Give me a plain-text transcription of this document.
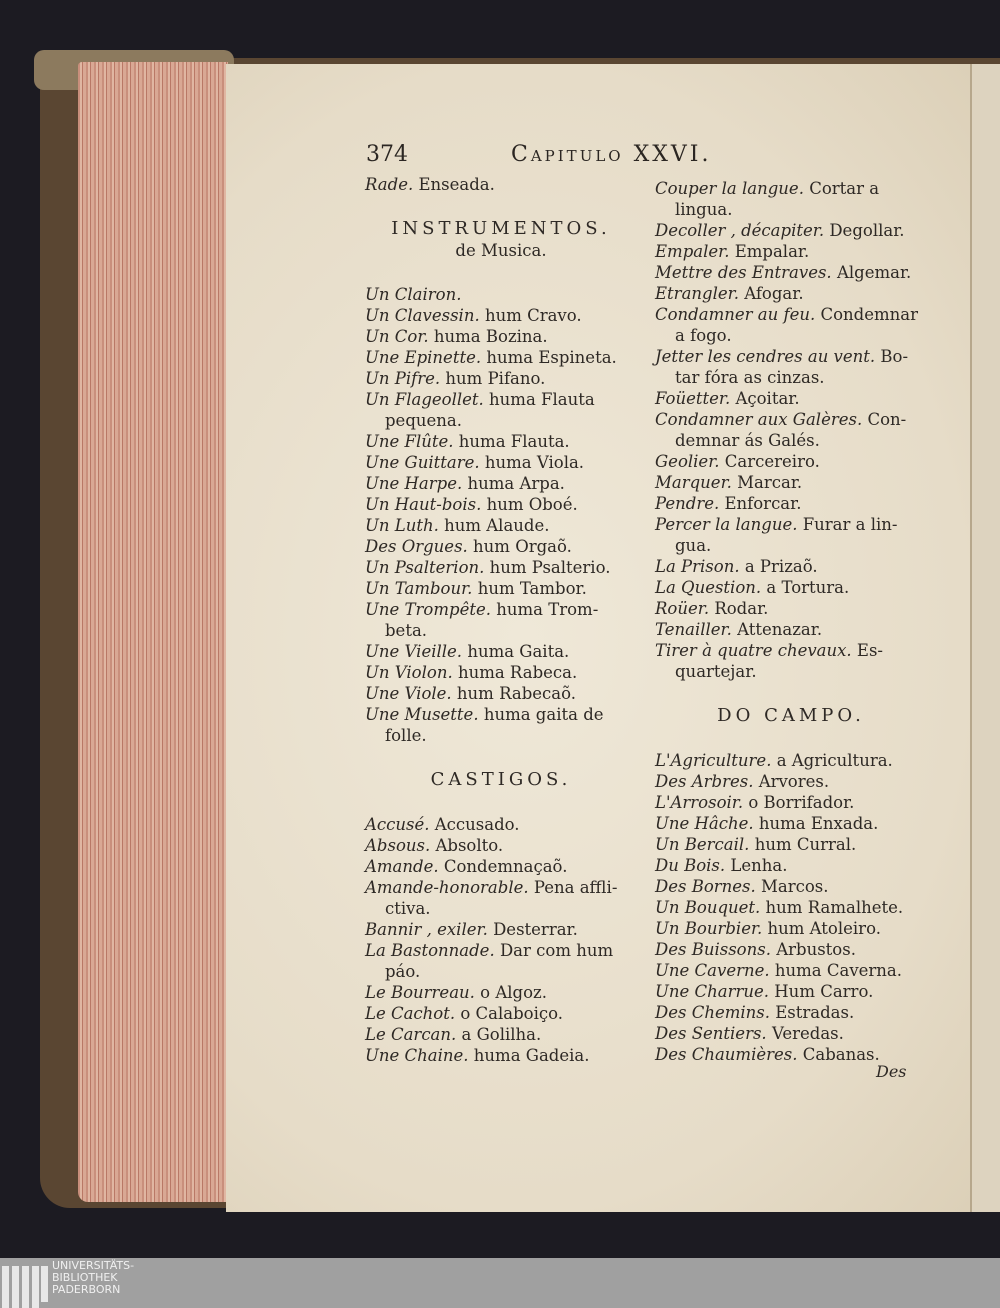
374	Capitulo XXVI.
Rade. Enseada.
INSTRUMENTOS.
de Musica.
Un Clairon.
Un Clavessin. hum Cravo.
Un Cor. huma Bozina.
Une Epinette. huma Espineta.
Un Pifre. hum Pifano.
Un Flageollet. huma Flauta
pequena.
Une Flûte. huma Flauta.
Une Guittare. huma Viola.
Une Harpe. huma Arpa.
Un Haut-bois. hum Oboé.
Un Luth. hum Alaude.
Des Orgues. hum Orgaõ.
Un Psalterion. hum Psalterio.
Un Tambour. hum Tambor.
Une Trompête. huma Trom-
beta.
Une Vieille. huma Gaita.
Un Violon. huma Rabeca.
Une Viole. hum Rabecaõ.
Une Musette. huma gaita de
folle.
CASTIGOS.
Accusé. Accusado.
Absous. Absolto.
Amande. Condemnaçaõ.
Amande-honorable. Pena affli-
ctiva.
Bannir , exiler. Desterrar.
La Bastonnade. Dar com hum
páo.
Le Bourreau. o Algoz.
Le Cachot. o Calaboiço.
Le Carcan. a Golilha.
Une Chaine. huma Gadeia.
Couper la langue. Cortar a
lingua.
Decoller , décapiter. Degollar.
Empaler. Empalar.
Mettre des Entraves. Algemar.
Etrangler. Afogar.
Condamner au feu. Condemnar
a fogo.
Jetter les cendres au vent. Bo-
tar fóra as cinzas.
Foüetter. Açoitar.
Condamner aux Galères. Con-
demnar ás Galés.
Geolier. Carcereiro.
Marquer. Marcar.
Pendre. Enforcar.
Percer la langue. Furar a lin-
gua.
La Prison. a Prizaõ.
La Question. a Tortura.
Roüer. Rodar.
Tenailler. Attenazar.
Tirer à quatre chevaux. Es-
quartejar.
DO CAMPO.
L'Agriculture. a Agricultura.
Des Arbres. Arvores.
L'Arrosoir. o Borrifador.
Une Hâche. huma Enxada.
Un Bercail. hum Curral.
Du Bois. Lenha.
Des Bornes. Marcos.
Un Bouquet. hum Ramalhete.
Un Bourbier. hum Atoleiro.
Des Buissons. Arbustos.
Une Caverne. huma Caverna.
Une Charrue. Hum Carro.
Des Chemins. Estradas.
Des Sentiers. Veredas.
Des Chaumières. Cabanas.
Des
UNIVERSITÄTS-
BIBLIOTHEK
PADERBORN
